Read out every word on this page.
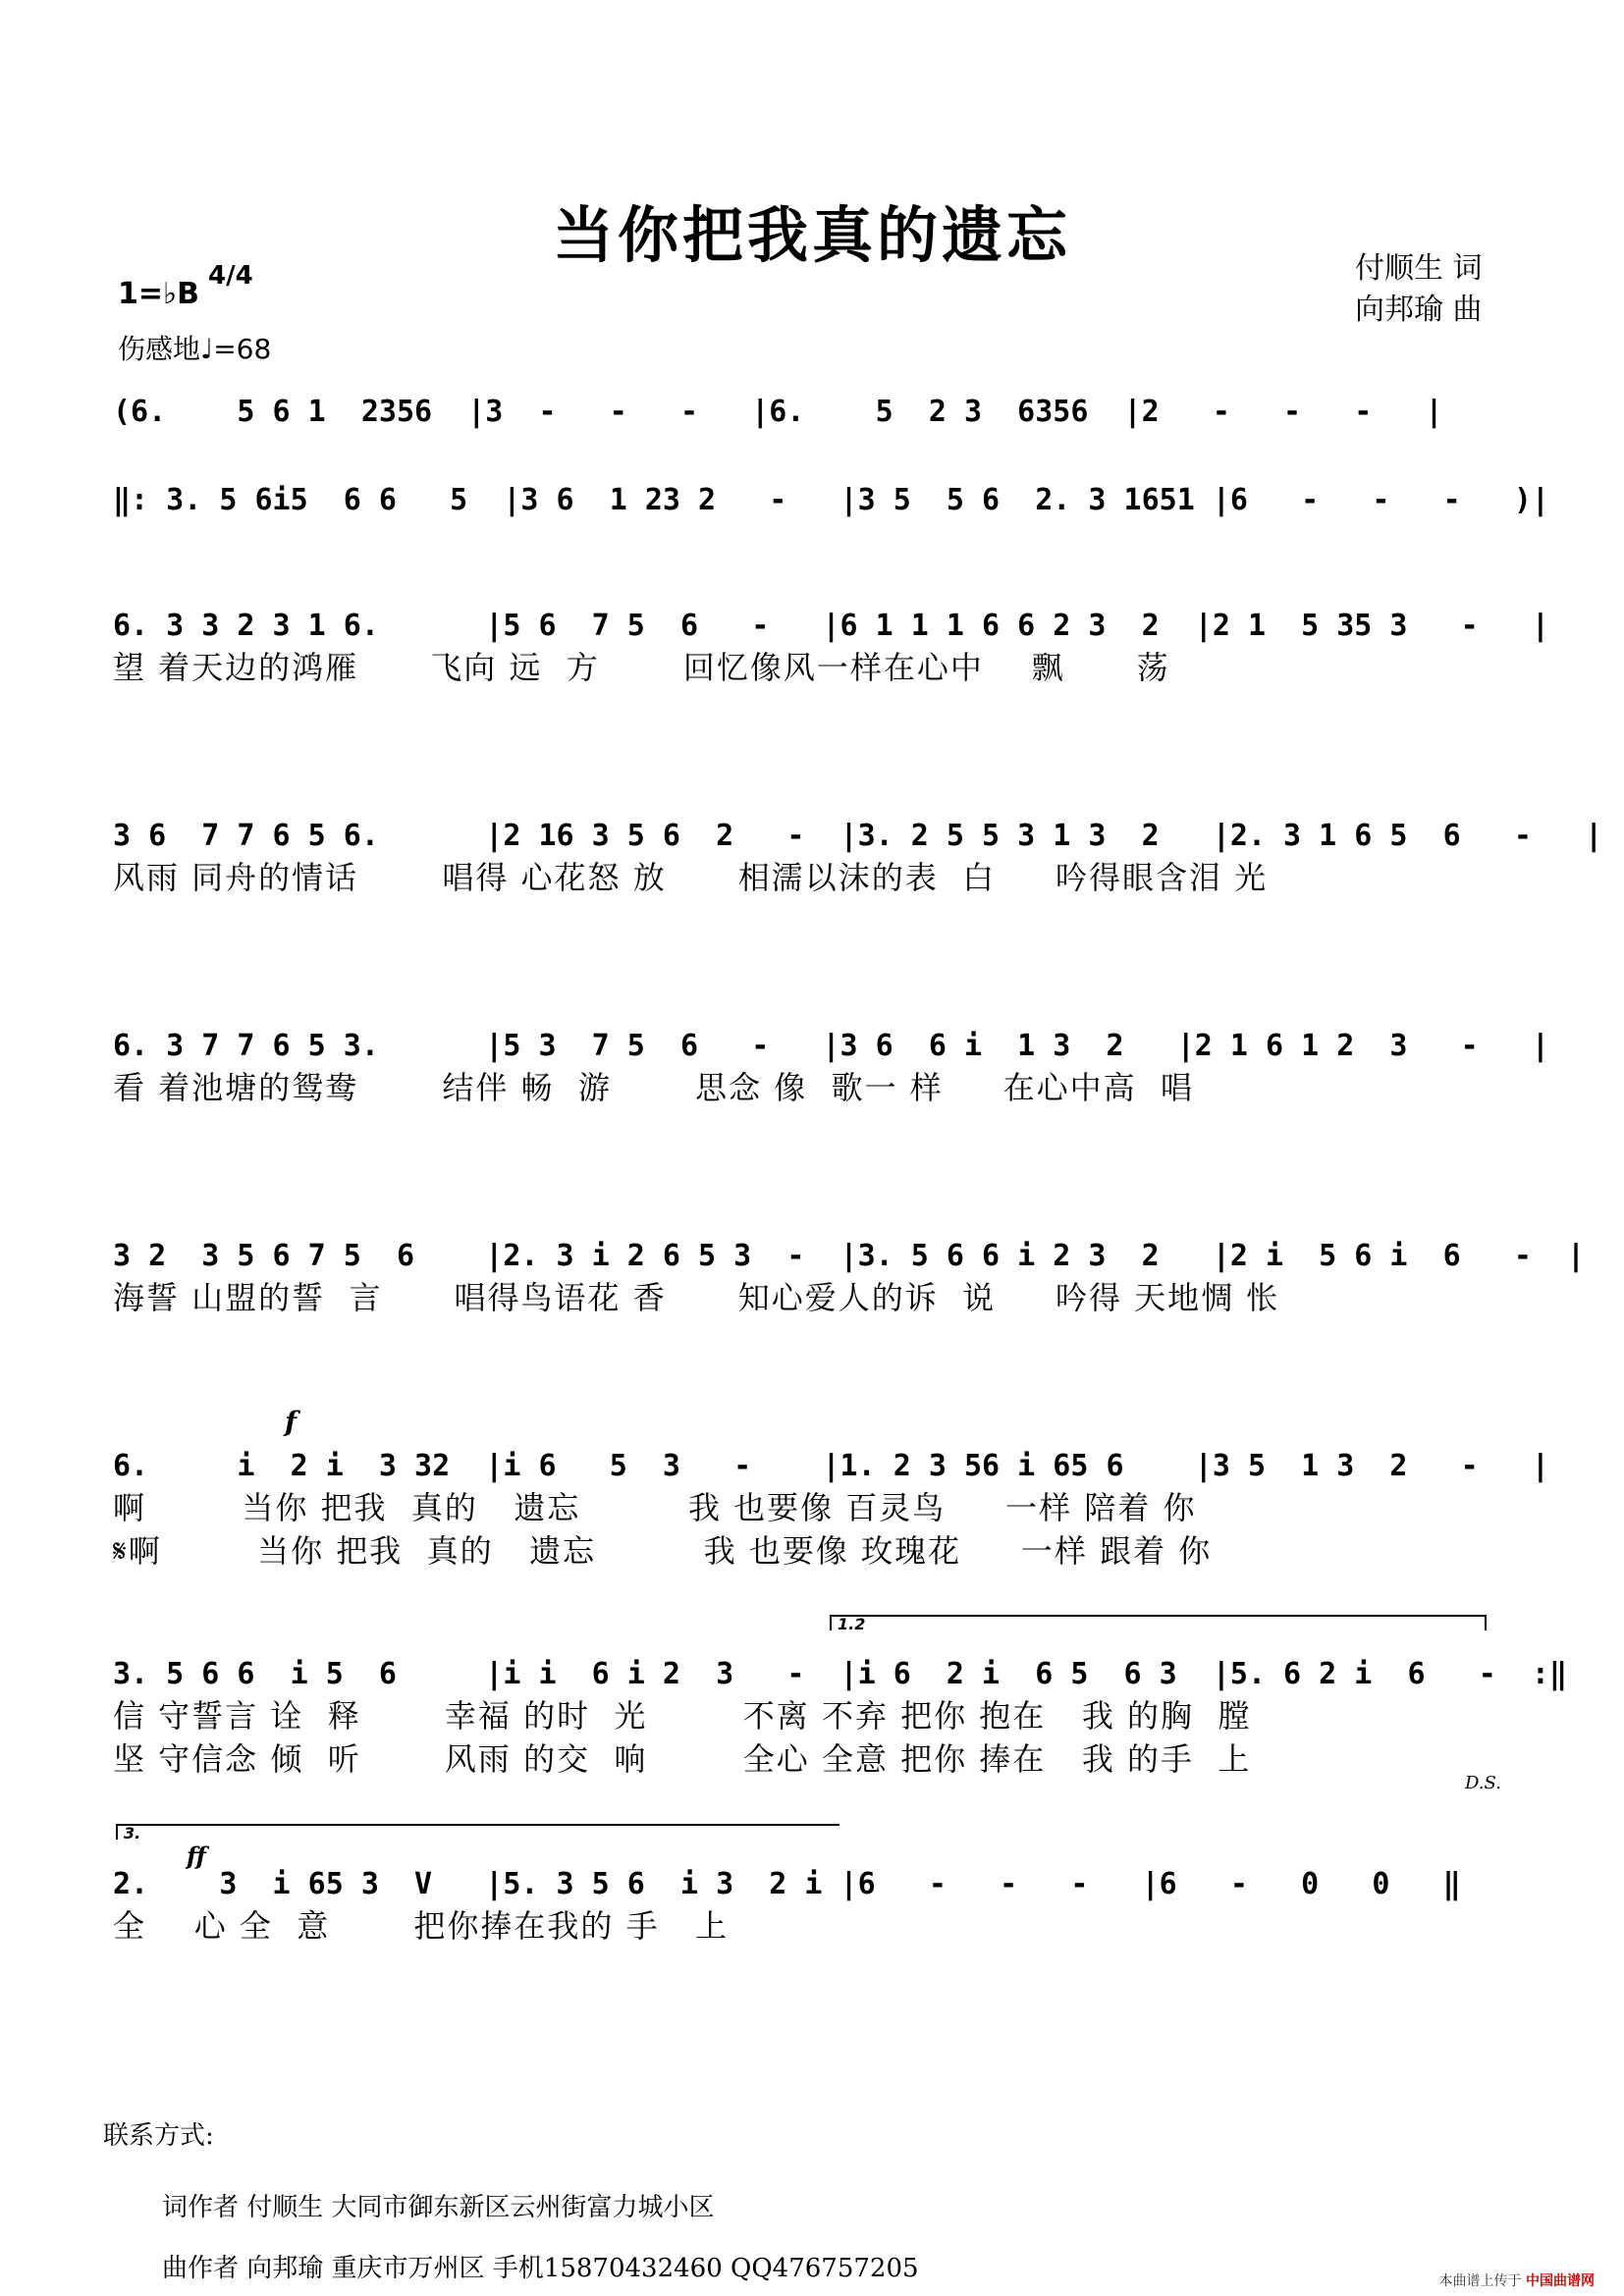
当你把我真的遗忘	付顺生 词
向邦瑜 曲
1=♭B
4/4
伤感地♩=68
(6.    5 6 1  2356  |3  -   -   -   |6.    5  2 3  6356  |2   -   -   -   |
‖: 3. 5 6i5  6 6   5  |3 6  1 23 2   -   |3 5  5 6  2. 3 1651 |6   -   -   -   )|
6. 3 3 2 3 1 6.      |5 6  7 5  6   -   |6 1 1 1 6 6 2 3  2  |2 1  5 35 3   -   |
望 着天边的鸿雁      飞向 远  方       回忆像风一样在心中    飘      荡
3 6  7 7 6 5 6.      |2 16 3 5 6  2   -  |3. 2 5 5 3 1 3  2   |2. 3 1 6 5  6   -   |
风雨 同舟的情话       唱得 心花怒 放      相濡以沫的表  白     吟得眼含泪 光
6. 3 7 7 6 5 3.      |5 3  7 5  6   -   |3 6  6 i  1 3  2   |2 1 6 1 2  3   -   |
看 着池塘的鸳鸯       结伴 畅  游       思念 像  歌一 样     在心中高  唱
3 2  3 5 6 7 5  6    |2. 3 i 2 6 5 3  -  |3. 5 6 6 i 2 3  2   |2 i  5 6 i  6   -  |
海誓 山盟的誓  言      唱得鸟语花 香      知心爱人的诉  说     吟得 天地惆 怅
f
6.     i  2 i  3 32  |i 6   5  3   -    |1. 2 3 56 i 65 6    |3 5  1 3  2   -   |
啊        当你 把我  真的   遗忘         我 也要像 百灵鸟     一样 陪着 你
𝄋啊        当你 把我  真的   遗忘         我 也要像 玫瑰花     一样 跟着 你
1.2
3. 5 6 6  i 5  6     |i i  6 i 2  3   -  |i 6  2 i  6 5  6 3  |5. 6 2 i  6   -  :‖
信 守誓言 诠  释       幸福 的时  光        不离 不弃 把你 抱在   我 的胸  膛
坚 守信念 倾  听       风雨 的交  响        全心 全意 把你 捧在   我 的手  上
D.S.
3.
ff
2.    3  i 65 3  V   |5. 3 5 6  i 3  2 i |6   -   -   -   |6   -   0   0   ‖
全    心 全  意       把你捧在我的 手   上
联系方式:
词作者 付顺生 大同市御东新区云州街富力城小区
曲作者 向邦瑜 重庆市万州区 手机15870432460 QQ476757205	本曲谱上传于 中国曲谱网
